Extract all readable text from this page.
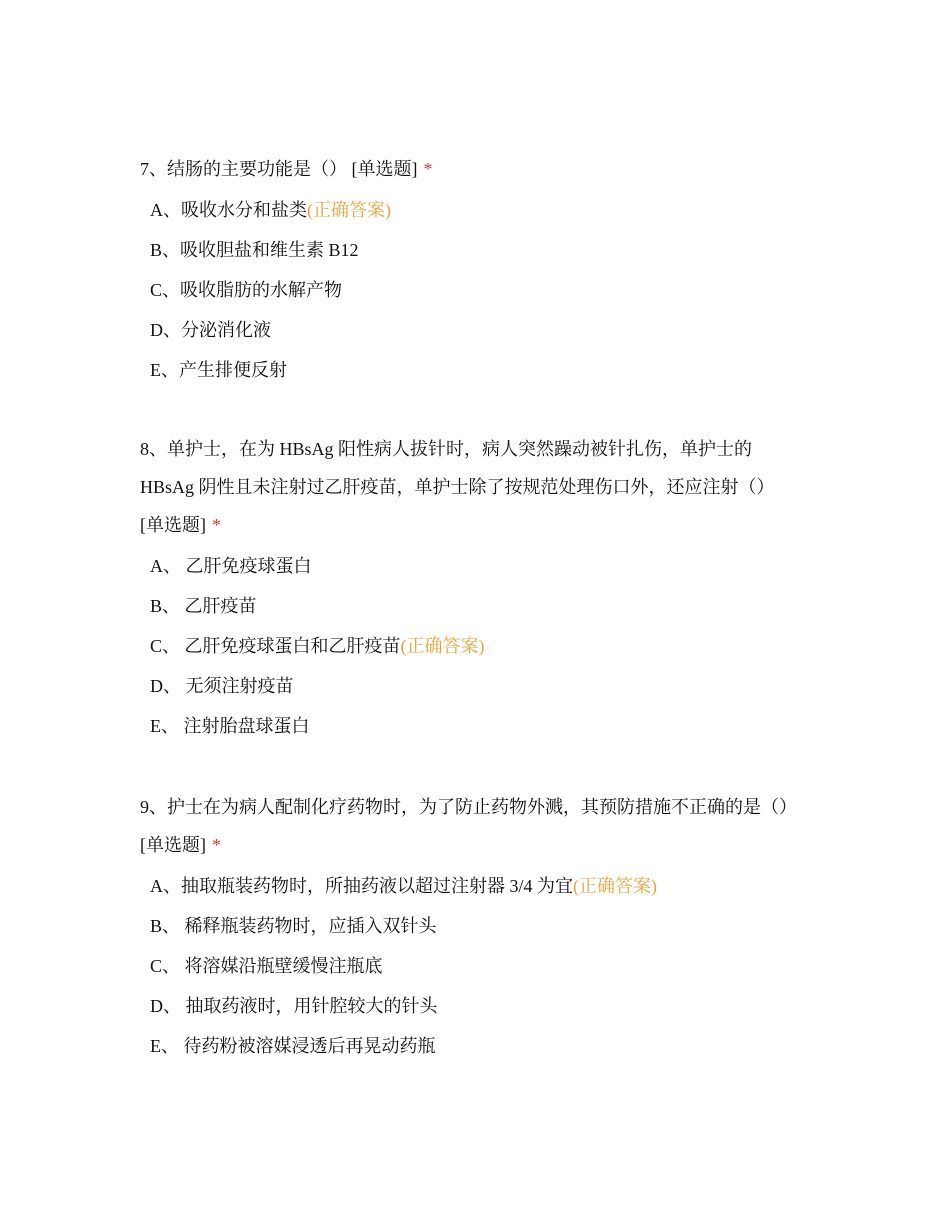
7、结肠的主要功能是（） [单选题] *

A、吸收水分和盐类(正确答案)
B、吸收胆盐和维生素 B12
C、吸收脂肪的水解产物
D、分泌消化液
E、产生排便反射

8、单护士，在为 HBsAg 阳性病人拔针时，病人突然躁动被针扎伤，单护士的 HBsAg 阴性且未注射过乙肝疫苗，单护士除了按规范处理伤口外，还应注射（） [单选题] *

A、 乙肝免疫球蛋白
B、 乙肝疫苗
C、 乙肝免疫球蛋白和乙肝疫苗(正确答案)
D、 无须注射疫苗
E、 注射胎盘球蛋白

9、护士在为病人配制化疗药物时，为了防止药物外溅，其预防措施不正确的是（） [单选题] *

A、抽取瓶装药物时，所抽药液以超过注射器 3/4 为宜(正确答案)
B、 稀释瓶装药物时，应插入双针头
C、 将溶媒沿瓶壁缓慢注瓶底
D、 抽取药液时，用针腔较大的针头
E、 待药粉被溶媒浸透后再晃动药瓶
